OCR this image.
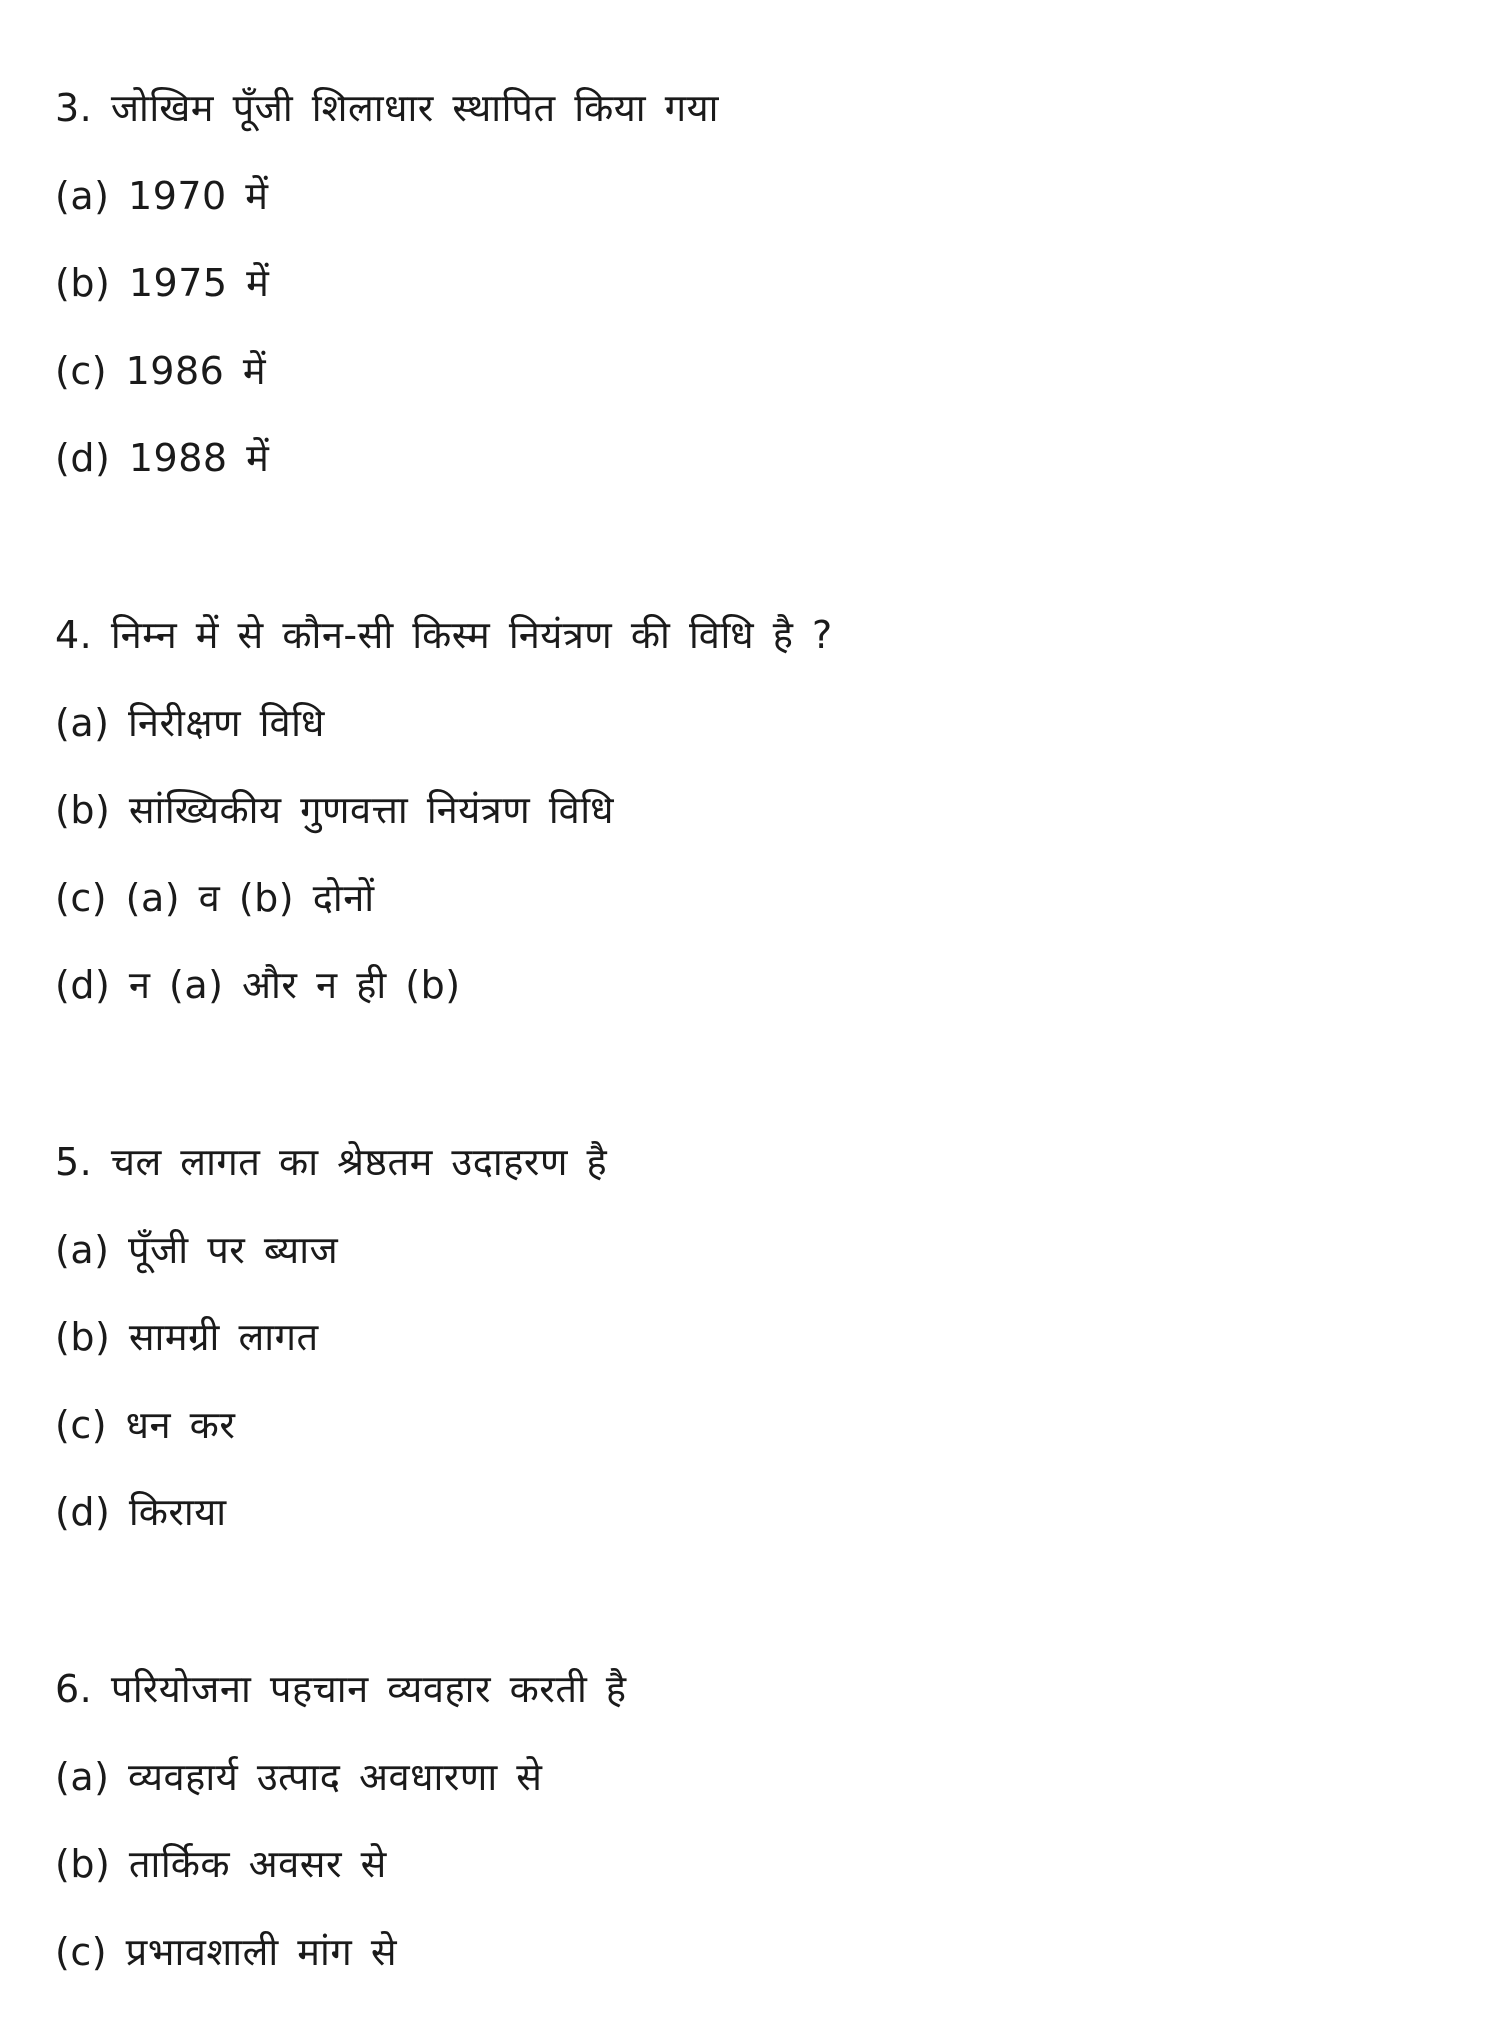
3. जोखिम पूँजी शिलाधार स्थापित किया गया
(a) 1970 में
(b) 1975 में
(c) 1986 में
(d) 1988 में
4. निम्न में से कौन-सी किस्म नियंत्रण की विधि है ?
(a) निरीक्षण विधि
(b) सांख्यिकीय गुणवत्ता नियंत्रण विधि
(c) (a) व (b) दोनों
(d) न (a) और न ही (b)
5. चल लागत का श्रेष्ठतम उदाहरण है
(a) पूँजी पर ब्याज
(b) सामग्री लागत
(c) धन कर
(d) किराया
6. परियोजना पहचान व्यवहार करती है
(a) व्यवहार्य उत्पाद अवधारणा से
(b) तार्किक अवसर से
(c) प्रभावशाली मांग से
